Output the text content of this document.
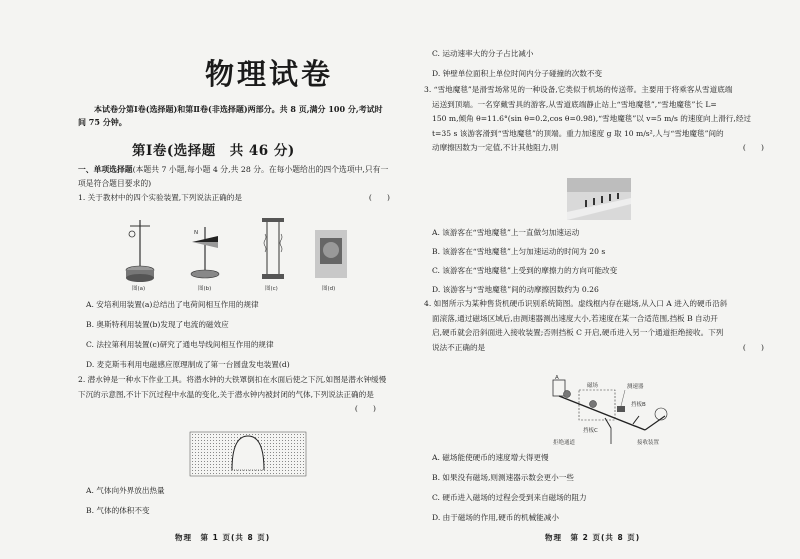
物理试卷
本试卷分第Ⅰ卷(选择题)和第Ⅱ卷(非选择题)两部分。共 8 页,满分 100 分,考试时间 75 分钟。
第Ⅰ卷(选择题　共 46 分)
一、单项选择题(本题共 7 小题,每小题 4 分,共 28 分。在每小题给出的四个选项中,只有一项是符合题目要求的)
1. 关于教材中的四个实验装置,下列说法正确的是	(　　)
N
图(a)	图(b)	图(c)	图(d)
A. 安培利用装置(a)总结出了电荷间相互作用的规律
B. 奥斯特利用装置(b)发现了电流的磁效应
C. 法拉第利用装置(c)研究了通电导线间相互作用的规律
D. 麦克斯韦利用电磁感应原理制成了第一台圆盘发电装置(d)
2. 潜水钟是一种水下作业工具。将潜水钟的大铁罩倒扣在水面后使之下沉,如图是潜水钟缓慢
下沉的示意图,不计下沉过程中水温的变化,关于潜水钟内被封闭的气体,下列说法正确的是
(　　)
A. 气体向外界放出热量
B. 气体的体积不变
物理　第 1 页(共 8 页)
C. 运动速率大的分子占比减小
D. 钟壁单位面积上单位时间内分子碰撞的次数不变
3. “雪地魔毯”是滑雪场常见的一种设备,它类似于机场的传送带。主要用于将乘客从雪道底端
运送到顶端。一名穿戴雪具的游客,从雪道底端静止站上“雪地魔毯”,“雪地魔毯”长 L=
150 m,倾角 θ=11.6°(sin θ=0.2,cos θ=0.98),“雪地魔毯”以 v=5 m/s 的速度向上滑行,经过
t=35 s 该游客滑到“雪地魔毯”的顶端。重力加速度 g 取 10 m/s²,人与“雪地魔毯”间的
动摩擦因数为一定值,不计其他阻力,则	(　　)
A. 该游客在“雪地魔毯”上一直做匀加速运动
B. 该游客在“雪地魔毯”上匀加速运动的时间为 20 s
C. 该游客在“雪地魔毯”上受到的摩擦力的方向可能改变
D. 该游客与“雪地魔毯”间的动摩擦因数约为 0.26
4. 如图所示为某种售货机硬币识别系统简图。虚线框内存在磁场,从入口 A 进入的硬币沿斜
面滚落,通过磁场区域后,由测速器测出速度大小,若速度在某一合适范围,挡板 B 自动开
启,硬币就会沿斜面进入接收装置;否则挡板 C 开启,硬币进入另一个通道拒绝接收。下列
说法不正确的是	(　　)
A
磁场	测速器
挡板B
挡板C
接收装置
拒绝通道
A. 磁场能使硬币的速度增大得更慢
B. 如果没有磁场,则测速器示数会更小一些
C. 硬币进入磁场的过程会受到来自磁场的阻力
D. 由于磁场的作用,硬币的机械能减小
物理　第 2 页(共 8 页)
